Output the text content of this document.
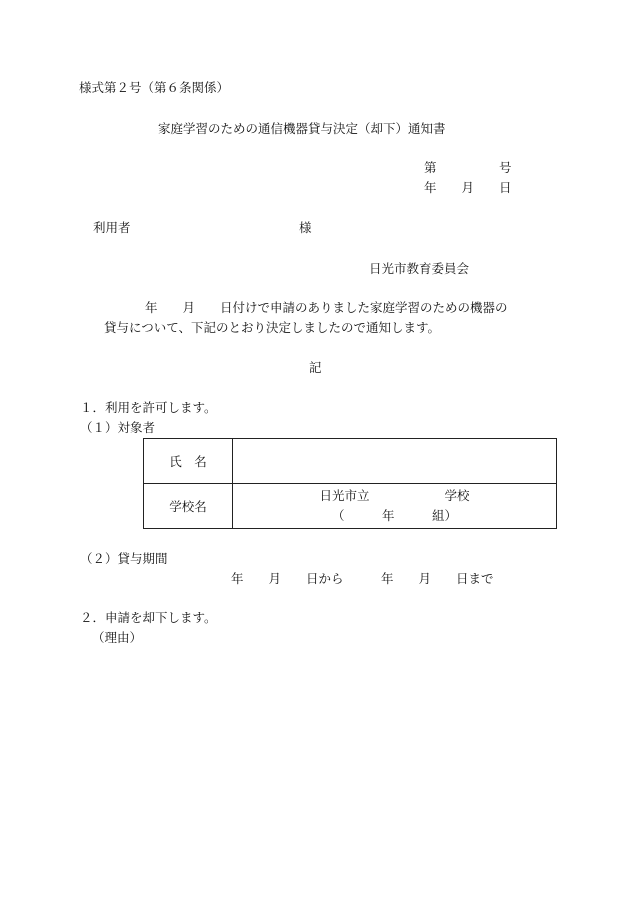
様式第２号（第６条関係）
家庭学習のための通信機器貸与決定（却下）通知書
第　　　　　号
年　　月　　日
利用者	様
日光市教育委員会
年　　月　　日付けで申請のありました家庭学習のための機器の
貸与について、下記のとおり決定しましたので通知します。
記
１．利用を許可します。
（１）対象者
氏　名	
学校名	日光市立　　　　　　学校
（　　　年　　　組）
（２）貸与期間
年　　月　　日から　　　年　　月　　日まで
２．申請を却下します。
（理由）
